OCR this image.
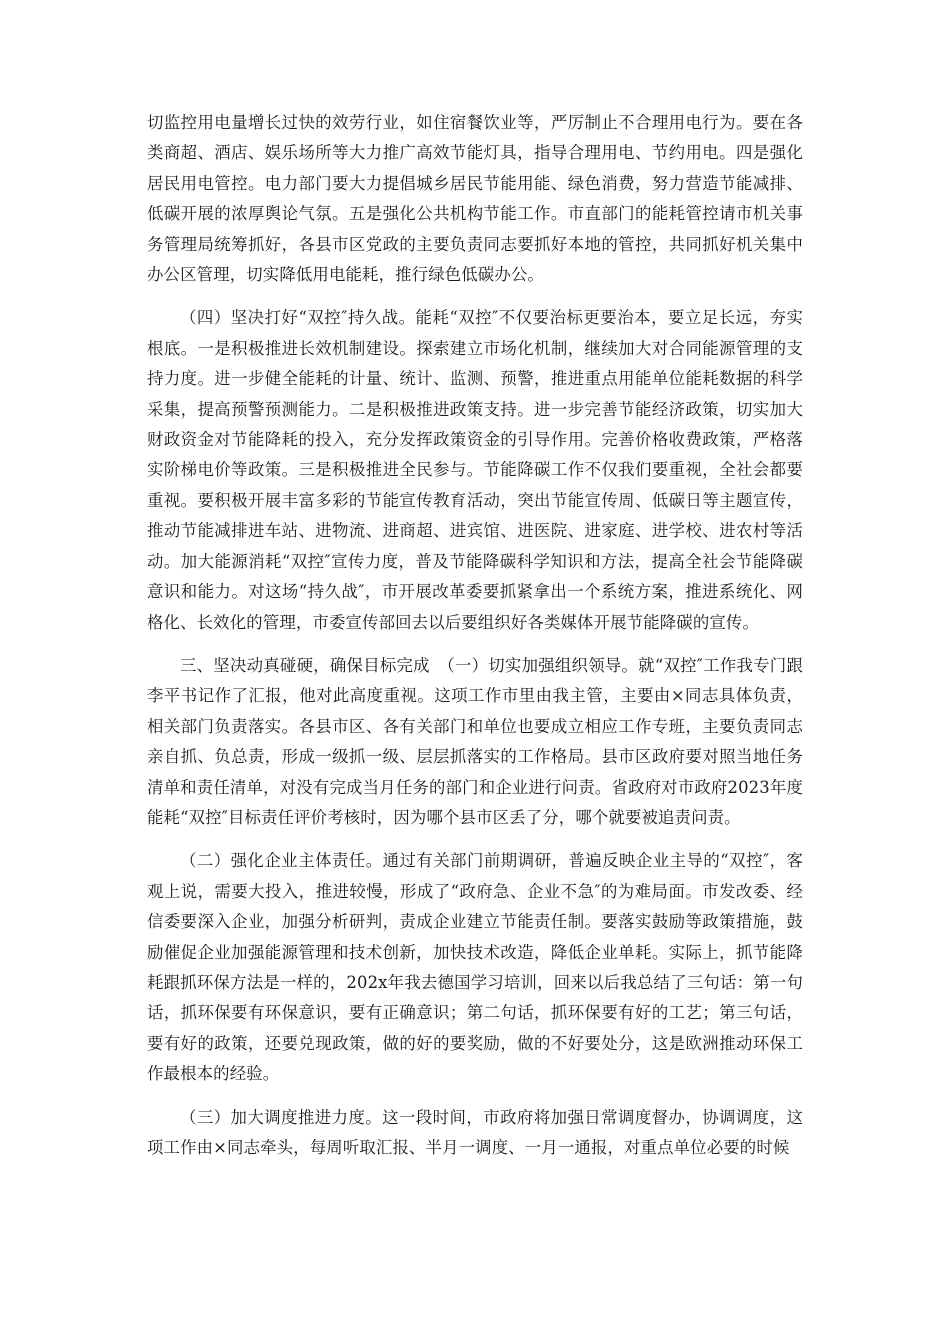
切监控用电量增长过快的效劳行业，如住宿餐饮业等，严厉制止不合理用电行为。要在各类商超、酒店、娱乐场所等大力推广高效节能灯具，指导合理用电、节约用电。四是强化居民用电管控。电力部门要大力提倡城乡居民节能用能、绿色消费，努力营造节能减排、低碳开展的浓厚舆论气氛。五是强化公共机构节能工作。市直部门的能耗管控请市机关事务管理局统筹抓好，各县市区党政的主要负责同志要抓好本地的管控，共同抓好机关集中办公区管理，切实降低用电能耗，推行绿色低碳办公。

（四）坚决打好“双控″持久战。能耗“双控″不仅要治标更要治本，要立足长远，夯实根底。一是积极推进长效机制建设。探索建立市场化机制，继续加大对合同能源管理的支持力度。进一步健全能耗的计量、统计、监测、预警，推进重点用能单位能耗数据的科学采集，提高预警预测能力。二是积极推进政策支持。进一步完善节能经济政策，切实加大财政资金对节能降耗的投入，充分发挥政策资金的引导作用。完善价格收费政策，严格落实阶梯电价等政策。三是积极推进全民参与。节能降碳工作不仅我们要重视，全社会都要重视。要积极开展丰富多彩的节能宣传教育活动，突出节能宣传周、低碳日等主题宣传，推动节能减排进车站、进物流、进商超、进宾馆、进医院、进家庭、进学校、进农村等活动。加大能源消耗“双控″宣传力度，普及节能降碳科学知识和方法，提高全社会节能降碳意识和能力。对这场“持久战″，市开展改革委要抓紧拿出一个系统方案，推进系统化、网格化、长效化的管理，市委宣传部回去以后要组织好各类媒体开展节能降碳的宣传。

三、坚决动真碰硬，确保目标完成　（一）切实加强组织领导。就“双控″工作我专门跟李平书记作了汇报，他对此高度重视。这项工作市里由我主管，主要由×同志具体负责，相关部门负责落实。各县市区、各有关部门和单位也要成立相应工作专班，主要负责同志亲自抓、负总责，形成一级抓一级、层层抓落实的工作格局。县市区政府要对照当地任务清单和责任清单，对没有完成当月任务的部门和企业进行问责。省政府对市政府2023年度能耗“双控″目标责任评价考核时，因为哪个县市区丢了分，哪个就要被追责问责。

（二）强化企业主体责任。通过有关部门前期调研，普遍反映企业主导的“双控″，客观上说，需要大投入，推进较慢，形成了“政府急、企业不急″的为难局面。市发改委、经信委要深入企业，加强分析研判，责成企业建立节能责任制。要落实鼓励等政策措施，鼓励催促企业加强能源管理和技术创新，加快技术改造，降低企业单耗。实际上，抓节能降耗跟抓环保方法是一样的，202x年我去德国学习培训，回来以后我总结了三句话：第一句话，抓环保要有环保意识，要有正确意识；第二句话，抓环保要有好的工艺；第三句话，要有好的政策，还要兑现政策，做的好的要奖励，做的不好要处分，这是欧洲推动环保工作最根本的经验。

（三）加大调度推进力度。这一段时间，市政府将加强日常调度督办，协调调度，这项工作由×同志牵头，每周听取汇报、半月一调度、一月一通报，对重点单位必要的时候
